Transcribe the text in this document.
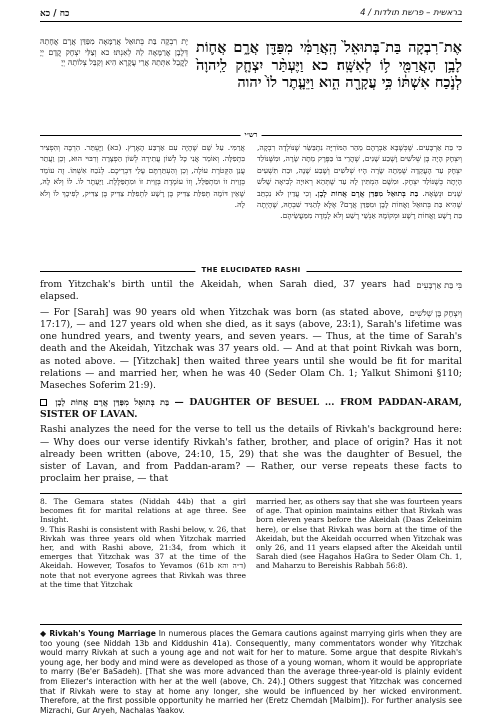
כח / כא	4 / בראשית – פרשת תולדות
יָת רִבְקָה בַּת בְּתוּאֵל אֲרַמָּאָה מִפַּדַּן אֲרָם אֲחָתֵהּ דְּלָבָן אֲרַמָּאָה לֵהּ לְאִנְתּוּ׃ כא וְצַלִּי יִצְחָק קֳדָם יְיָ לָקֳבֵל אִתְּתֵהּ אֲרֵי עֲקָרָא הִיא וְקַבֵּל צְלוֹתֵהּ יְיָ
אֶת־רִבְקָה בַּת־בְּתוּאֵל֙ הָֽאֲרַמִּ֔י מִפַּדַּ֖ן אֲרָ֑ם אֲח֛וֹת לָבָ֥ן הָאֲרַמִּ֖י ל֥וֹ לְאִשָּֽׁה׃ כא וַיֶּעְתַּ֨ר יִצְחָ֤ק לַֽיהוָה֙ לְנֹ֣כַח אִשְׁתּ֔וֹ כִּ֥י עֲקָרָ֖ה הִ֑וא וַיֵּעָ֤תֶר לוֹ֙ יהוה
רש״י
כִּי בַּת אַרְבָּעִים. שֶׁכְּשֶׁבָּא אַבְרָהָם מֵהַר הַמּוֹרִיָּה נִתְבַּשֵּׂר שֶׁנּוֹלְדָה רִבְקָה, וְיִצְחָק הָיָה בֶּן שְׁלֹשִׁים וָשֶׁבַע שָׁנִים, שֶׁהֲרֵי בּוֹ בַּפֶּרֶק מֵתָה שָׂרָה, וּמִשֶּׁנּוֹלַד יִצְחָק עַד הָעֲקֵדָה שֶׁמֵּתָה שָׂרָה הָיוּ שְׁלֹשִׁים וְשֶׁבַע שָׁנָה, וּבַת תִּשְׁעִים הָיְתָה כְּשֶׁנּוֹלַד יִצְחָק. וּמִשָּׁם הִמְתִּין לָהּ עַד שֶׁתְּהֵא רְאוּיָה לְבִיאָה שָׁלֹשׁ שָׁנִים וּנְשָׂאָהּ. בַּת בְּתוּאֵל מִפַּדַּן אֲרָם אֲחוֹת לָבָן. וְכִי עֲדַיִן לֹא נִכְתַּב שֶׁהִיא בַּת בְּתוּאֵל וַאֲחוֹת לָבָן וּמִפַּדַּן אֲרָם? אֶלָּא לְהַגִּיד שִׁבְחָהּ, שֶׁהָיְתָה בַּת רָשָׁע וַאֲחוֹת רָשָׁע וּמְקוֹמָהּ אַנְשֵׁי רֶשַׁע וְלֹא לָמְדָה מִמַּעֲשֵׂיהֶם.
אֲרַמִּי. עַל שֵׁם שֶׁהָיָה עִם אַרְבַּע הָאָרֶץ. (כא) וַיֶּעְתַּר. הִרְבָּה וְהִפְצִיר בִּתְפִלָּה. וְאוֹמֵר אֲנִי כָּל לְשׁוֹן עֲתִירָה לְשׁוֹן הַפְצָרָה וְרִבּוּי הוּא, וְכֵן וַעֲתַר עֲנַן הַקְּטֹרֶת עוֹלֶה, וְכֵן וְהַעְתַּרְתֶּם עָלַי דִּבְרֵיכֶם. לְנֹכַח אִשְׁתּוֹ. זֶה עוֹמֵד בְּזָוִית זוֹ וּמִתְפַּלֵּל, וְזוֹ עוֹמֶדֶת בְּזָוִית זוֹ וּמִתְפַּלֶּלֶת. וַיֵּעָתֶר לוֹ. לוֹ וְלֹא לָהּ, שֶׁאֵין דּוֹמָה תְּפִלַּת צַדִּיק בֶּן רָשָׁע לִתְפִלַּת צַדִּיק בֶּן צַדִּיק, לְפִיכָךְ לוֹ וְלֹא לָהּ.
THE ELUCIDATED RASHI

בִּי בַּת אַרְבָּעִים
from Yitzchak's birth until the Akeidah, when Sarah died, 37 years had elapsed.

וְיִצְחָק בֶּן שְׁלֹשִׁים
— For [Sarah] was 90 years old when Yitzchak was born (as stated above, 17:17), — and 127 years old when she died, as it says (above, 23:1), Sarah's lifetime was one hundred years, and twenty years, and seven years. — Thus, at the time of Sarah's death and the Akeidah, Yitzchak was 37 years old. — And at that point Rivkah was born, as noted above. — [Yitzchak] then waited three years until she would be fit for marital relations — and married her, when he was 40 (Seder Olam Ch. 1; Yalkut Shimoni §110; Maseches Soferim 21:9).

בַּת בְּתוּאֵל מִפַּדַּן אֲרָם אֲחוֹת לָבָן — DAUGHTER OF BESUEL ... FROM PADDAN-ARAM, SISTER OF LAVAN.

Rashi analyzes the need for the verse to tell us the details of Rivkah's background here: — Why does our verse identify Rivkah's father, brother, and place of origin? Has it not already been written (above, 24:10, 15, 29) that she was the daughter of Besuel, the sister of Lavan, and from Paddan-aram? — Rather, our verse repeats these facts to proclaim her praise, — that

8. The Gemara states (Niddah 44b) that a girl becomes fit for marital relations at age three. See Insight.

9. This Rashi is consistent with Rashi below, v. 26, that Rivkah was three years old when Yitzchak married her, and with Rashi above, 21:34, from which it emerges that Yitzchak was 37 at the time of the Akeidah. However, Tosafos to Yevamos (61b ד״ה והא) note that not everyone agrees that Rivkah was three at the time that Yitzchak

married her, as others say that she was fourteen years of age. That opinion maintains either that Rivkah was born eleven years before the Akeidah (Daas Zekeinim here), or else that Rivkah was born at the time of the Akeidah, but the Akeidah occurred when Yitzchak was only 26, and 11 years elapsed after the Akeidah until Sarah died (see Hagahos HaGra to Seder Olam Ch. 1, and Maharzu to Bereishis Rabbah 56:8).

◆ Rivkah's Young Marriage In numerous places the Gemara cautions against marrying girls when they are too young (see Niddah 13b and Kiddushin 41a). Consequently, many commentators wonder why Yitzchak would marry Rivkah at such a young age and not wait for her to mature. Some argue that despite Rivkah's young age, her body and mind were as developed as those of a young woman, whom it would be appropriate to marry (Be'er BaSadeh). [That she was more advanced than the average three-year-old is plainly evident from Eliezer's interaction with her at the well (above, Ch. 24).] Others suggest that Yitzchak was concerned that if Rivkah were to stay at home any longer, she would be influenced by her wicked environment. Therefore, at the first possible opportunity he married her (Eretz Chemdah [Malbim]). For further analysis see Mizrachi, Gur Aryeh, Nachalas Yaakov.
